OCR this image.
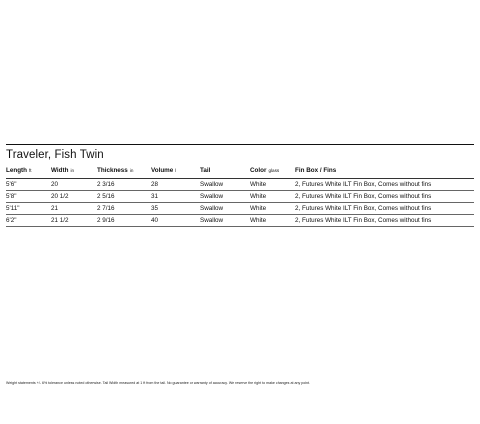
Traveler, Fish Twin
Length ft	Width in	Thickness in	Volume l	Tail	Color glass	Fin Box / Fins
5'6"	20	2 3/16	28	Swallow	White	2, Futures White ILT Fin Box, Comes without fins
5'8"	20 1/2	2 5/16	31	Swallow	White	2, Futures White ILT Fin Box, Comes without fins
5'11"	21	2 7/16	35	Swallow	White	2, Futures White ILT Fin Box, Comes without fins
6'2"	21 1/2	2 9/16	40	Swallow	White	2, Futures White ILT Fin Box, Comes without fins
Weight statements +/- 6% tolerance unless noted otherwise. Tail Width measured at 1 ft from the tail. No guarantee or warranty of accuracy. We reserve the right to make changes at any point.
